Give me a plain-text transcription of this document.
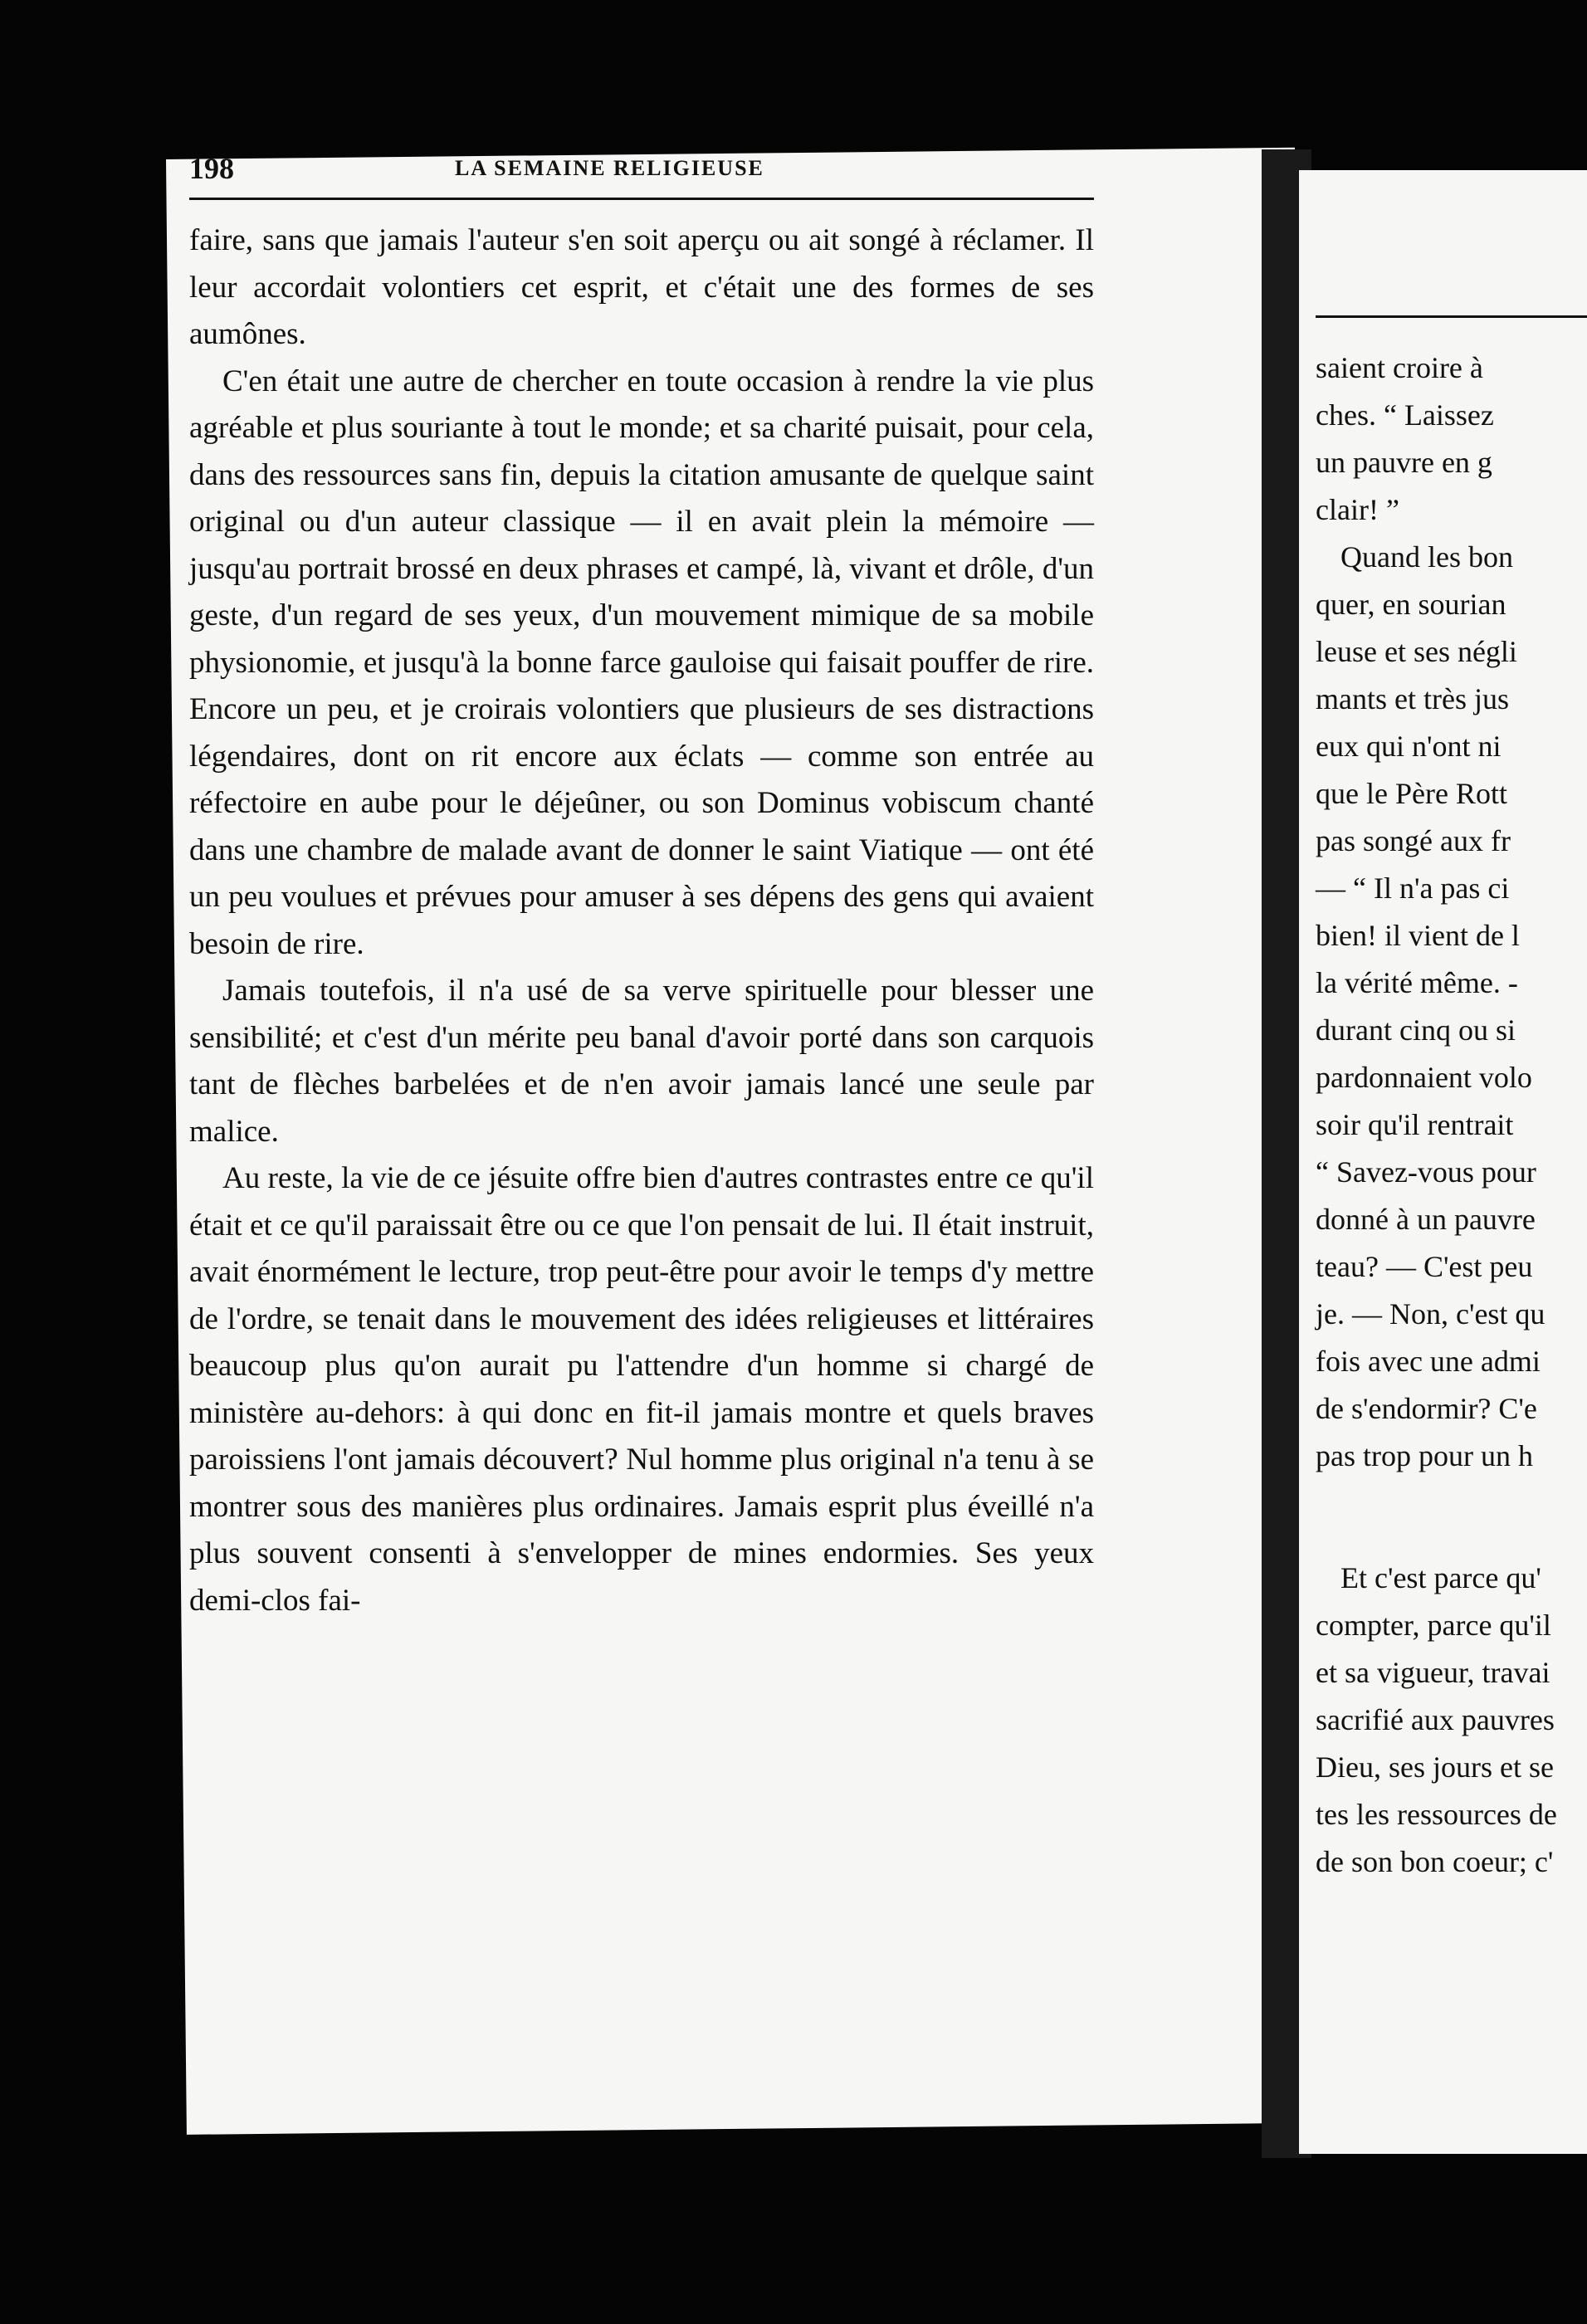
saient croire à
ches. “ Laissez
un pauvre en g
clair! ”
Quand les bon
quer, en sourian
leuse et ses négli
mants et très jus
eux qui n'ont ni
que le Père Rott
pas songé aux fr
— “ Il n'a pas ci
bien! il vient de l
la vérité même. -
durant cinq ou si
pardonnaient volo
soir qu'il rentrait
“ Savez-vous pour
donné à un pauvre
teau? — C'est peu
je. — Non, c'est qu
fois avec une admi
de s'endormir? C'e
pas trop pour un h
Et c'est parce qu'
compter, parce qu'il
et sa vigueur, travai
sacrifié aux pauvres
Dieu, ses jours et se
tes les ressources de
de son bon coeur; c'
198	LA SEMAINE RELIGIEUSE

faire, sans que jamais l'auteur s'en soit aperçu ou ait songé à réclamer. Il leur accordait volontiers cet esprit, et c'était une des formes de ses aumônes.

C'en était une autre de chercher en toute occasion à rendre la vie plus agréable et plus souriante à tout le monde; et sa charité puisait, pour cela, dans des ressources sans fin, depuis la citation amusante de quelque saint original ou d'un auteur classique — il en avait plein la mémoire — jusqu'au portrait brossé en deux phrases et campé, là, vivant et drôle, d'un geste, d'un regard de ses yeux, d'un mouvement mimique de sa mobile physionomie, et jusqu'à la bonne farce gauloise qui faisait pouffer de rire. Encore un peu, et je croirais volontiers que plusieurs de ses distractions légendaires, dont on rit encore aux éclats — comme son entrée au réfectoire en aube pour le déjeûner, ou son Dominus vobiscum chanté dans une chambre de malade avant de donner le saint Viatique — ont été un peu voulues et prévues pour amuser à ses dépens des gens qui avaient besoin de rire.

Jamais toutefois, il n'a usé de sa verve spirituelle pour blesser une sensibilité; et c'est d'un mérite peu banal d'avoir porté dans son carquois tant de flèches barbelées et de n'en avoir jamais lancé une seule par malice.

Au reste, la vie de ce jésuite offre bien d'autres contrastes entre ce qu'il était et ce qu'il paraissait être ou ce que l'on pensait de lui. Il était instruit, avait énormément le lecture, trop peut-être pour avoir le temps d'y mettre de l'ordre, se tenait dans le mouvement des idées religieuses et littéraires beaucoup plus qu'on aurait pu l'attendre d'un homme si chargé de ministère au-dehors: à qui donc en fit-il jamais montre et quels braves paroissiens l'ont jamais découvert? Nul homme plus original n'a tenu à se montrer sous des manières plus ordinaires. Jamais esprit plus éveillé n'a plus souvent consenti à s'envelopper de mines endormies. Ses yeux demi-clos fai-
